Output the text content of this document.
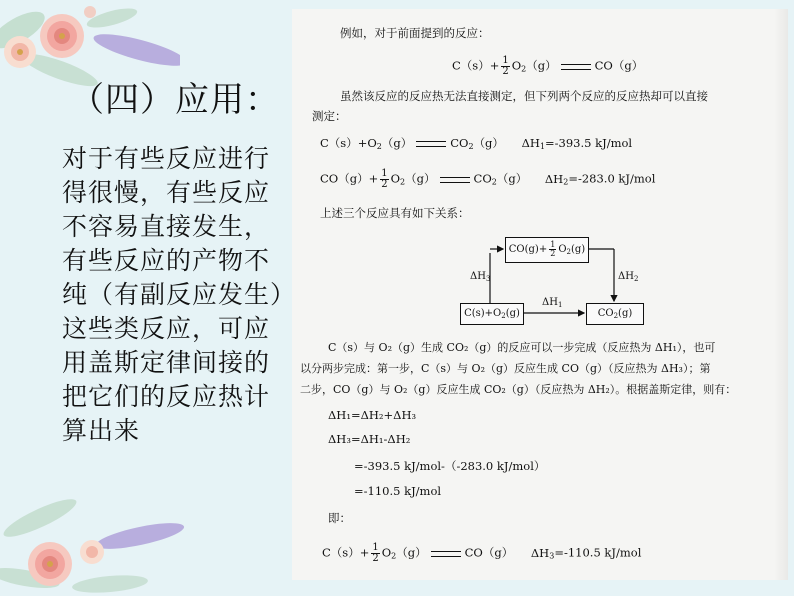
（四）应用：
对于有些反应进行得很慢，有些反应不容易直接发生，有些反应的产物不纯（有副反应发生）这些类反应，可应用盖斯定律间接的把它们的反应热计算出来
例如，对于前面提到的反应：
$C(s)+ \frac{1}{2} O_2(g)$	CO（g）
虽然该反应的反应热无法直接测定，但下列两个反应的反应热却可以直接
测定：
$C(s)+O_2(g)$	$CO_2(g)$ $\Delta H_1=-393.5$ kJ/mol
$CO(g)+ \frac{1}{2} O_2(g)$	$CO_2(g)$ $\Delta H_2=-283.0$ kJ/mol
上述三个反应具有如下关系：
$CO(g)+ \frac{1}{2} O_2(g)$
$C(s)+O_2(g)$	$CO_2(g)$
$\Delta H_3$	$\Delta H_2$
$\Delta H_1$
C（s）与 O₂（g）生成 CO₂（g）的反应可以一步完成（反应热为 ΔH₁），也可
以分两步完成：第一步，C（s）与 O₂（g）反应生成 CO（g）（反应热为 ΔH₃）；第
二步，CO（g）与 O₂（g）反应生成 CO₂（g）（反应热为 ΔH₂）。根据盖斯定律，则有：
ΔH₁=ΔH₂+ΔH₃
ΔH₃=ΔH₁-ΔH₂
=-393.5 kJ/mol-（-283.0 kJ/mol）
=-110.5 kJ/mol
即：
$C(s)+ \frac{1}{2} O_2(g)$	CO（g） $\Delta H_3=-110.5$ kJ/mol
